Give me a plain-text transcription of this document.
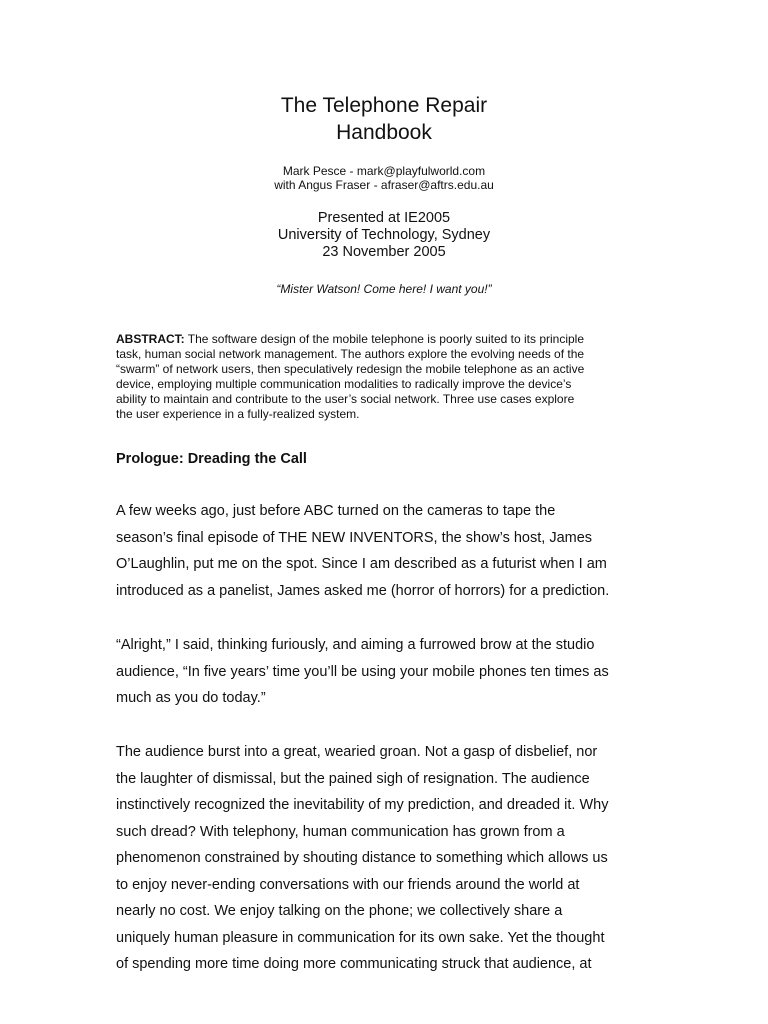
The Telephone Repair
Handbook
Mark Pesce - mark@playfulworld.com
with Angus Fraser - afraser@aftrs.edu.au
Presented at IE2005
University of Technology, Sydney
23 November 2005
“Mister Watson! Come here! I want you!”
ABSTRACT: The software design of the mobile telephone is poorly suited to its principle
task, human social network management. The authors explore the evolving needs of the
“swarm” of network users, then speculatively redesign the mobile telephone as an active
device, employing multiple communication modalities to radically improve the device’s
ability to maintain and contribute to the user’s social network. Three use cases explore
the user experience in a fully-realized system.
Prologue: Dreading the Call
A few weeks ago, just before ABC turned on the cameras to tape the
season’s final episode of THE NEW INVENTORS, the show’s host, James
O’Laughlin, put me on the spot. Since I am described as a futurist when I am
introduced as a panelist, James asked me (horror of horrors) for a prediction.
“Alright,” I said, thinking furiously, and aiming a furrowed brow at the studio
audience, “In five years’ time you’ll be using your mobile phones ten times as
much as you do today.”
The audience burst into a great, wearied groan. Not a gasp of disbelief, nor
the laughter of dismissal, but the pained sigh of resignation. The audience
instinctively recognized the inevitability of my prediction, and dreaded it. Why
such dread? With telephony, human communication has grown from a
phenomenon constrained by shouting distance to something which allows us
to enjoy never-ending conversations with our friends around the world at
nearly no cost. We enjoy talking on the phone; we collectively share a
uniquely human pleasure in communication for its own sake. Yet the thought
of spending more time doing more communicating struck that audience, at
